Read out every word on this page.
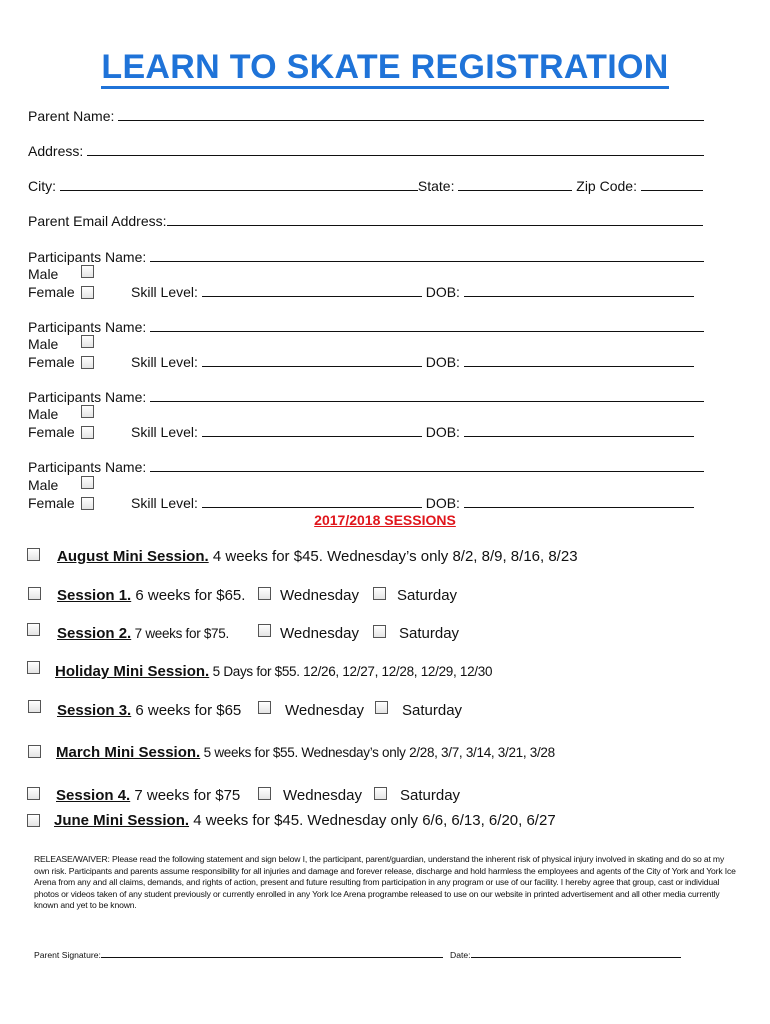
LEARN TO SKATE REGISTRATION
Parent Name:
Address:
City:	State:	Zip Code:
Parent Email Address:
Participants Name:
Male
Female	Skill Level:	DOB:
Participants Name:
Male
Female	Skill Level:	DOB:
Participants Name:
Male
Female	Skill Level:	DOB:
Participants Name:
Male
Female	Skill Level:	DOB:
2017/2018 SESSIONS
August Mini Session. 4 weeks for $45. Wednesday’s only 8/2, 8/9, 8/16, 8/23
Session 1. 6 weeks for $65. Wednesday	Saturday
Session 2. 7 weeks for $75.	Wednesday	Saturday
Holiday Mini Session. 5 Days for $55. 12/26, 12/27, 12/28, 12/29, 12/30
Session 3. 6 weeks for $65	Wednesday	Saturday
March Mini Session. 5 weeks for $55. Wednesday’s only 2/28, 3/7, 3/14, 3/21, 3/28
Session 4. 7 weeks for $75	Wednesday	Saturday
June Mini Session. 4 weeks for $45. Wednesday only 6/6, 6/13, 6/20, 6/27
RELEASE/WAIVER: Please read the following statement and sign below I, the participant, parent/guardian, understand the inherent risk of physical injury involved in skating and do so at my own risk. Participants and parents assume responsibility for all injuries and damage and forever release, discharge and hold harmless the employees and agents of the City of York and York Ice Arena from any and all claims, demands, and rights of action, present and future resulting from participation in any program or use of our facility. I hereby agree that group, cast or individual photos or videos taken of any student previously or currently enrolled in any York Ice Arena programbe released to use on our website in printed advertisement and all other media currently known and yet to be known.
Parent Signature:	Date:
